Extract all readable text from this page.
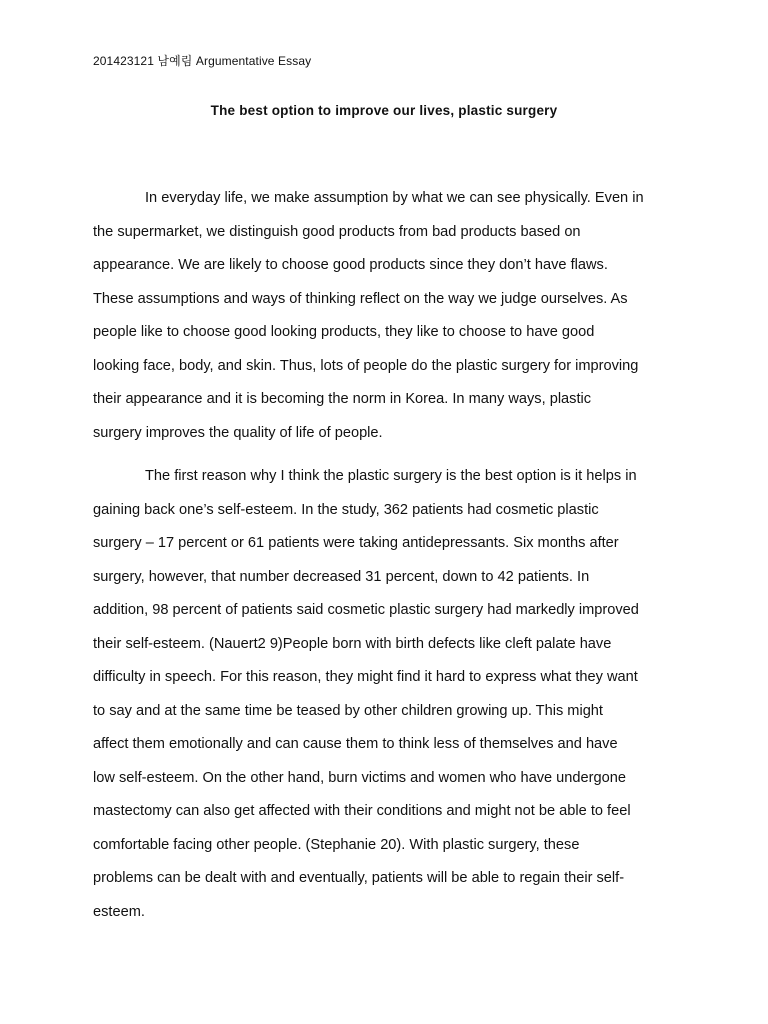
201423121 남예림 Argumentative Essay
The best option to improve our lives, plastic surgery

In everyday life, we make assumption by what we can see physically. Even in
the supermarket, we distinguish good products from bad products based on
appearance. We are likely to choose good products since they don’t have flaws.
These assumptions and ways of thinking reflect on the way we judge ourselves. As
people like to choose good looking products, they like to choose to have good
looking face, body, and skin. Thus, lots of people do the plastic surgery for improving
their appearance and it is becoming the norm in Korea. In many ways, plastic
surgery improves the quality of life of people.

The first reason why I think the plastic surgery is the best option is it helps in
gaining back one’s self-esteem. In the study, 362 patients had cosmetic plastic
surgery – 17 percent or 61 patients were taking antidepressants. Six months after
surgery, however, that number decreased 31 percent, down to 42 patients. In
addition, 98 percent of patients said cosmetic plastic surgery had markedly improved
their self-esteem. (Nauert2 9)People born with birth defects like cleft palate have
difficulty in speech. For this reason, they might find it hard to express what they want
to say and at the same time be teased by other children growing up. This might
affect them emotionally and can cause them to think less of themselves and have
low self-esteem. On the other hand, burn victims and women who have undergone
mastectomy can also get affected with their conditions and might not be able to feel
comfortable facing other people. (Stephanie 20). With plastic surgery, these
problems can be dealt with and eventually, patients will be able to regain their self-
esteem.
